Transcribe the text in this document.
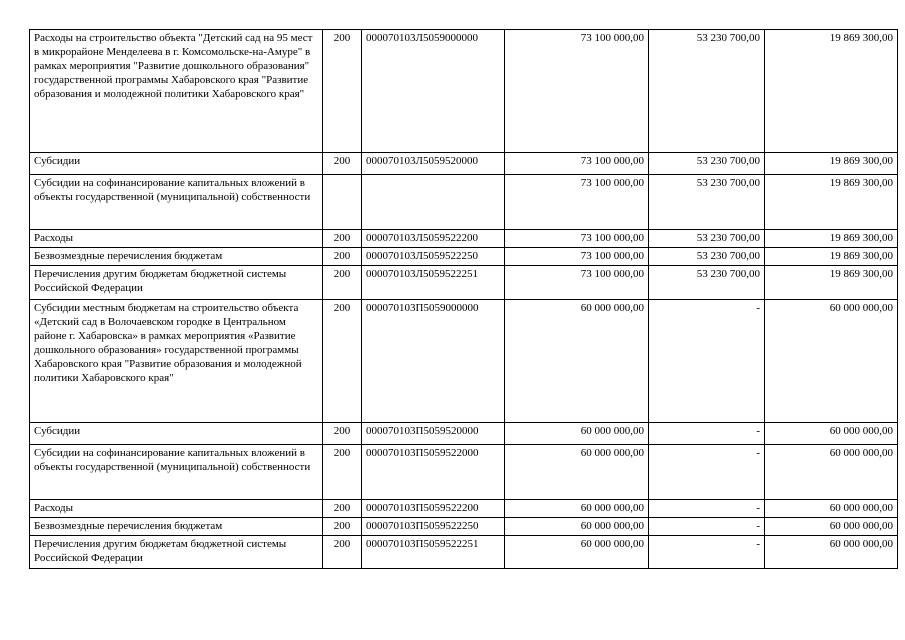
Расходы на строительство объекта "Детский сад на 95 мест в микрорайоне Менделеева в г. Комсомольске-на-Амуре" в рамках мероприятия "Развитие дошкольного образования" государственной программы Хабаровского края "Развитие образования и молодежной политики Хабаровского края"	200	000070103Л5059000000	73 100 000,00	53 230 700,00	19 869 300,00
Субсидии	200	000070103Л5059520000	73 100 000,00	53 230 700,00	19 869 300,00
Субсидии на софинансирование капитальных вложений в объекты государственной (муниципальной) собственности			73 100 000,00	53 230 700,00	19 869 300,00
Расходы	200	000070103Л5059522200	73 100 000,00	53 230 700,00	19 869 300,00
Безвозмездные перечисления бюджетам	200	000070103Л5059522250	73 100 000,00	53 230 700,00	19 869 300,00
Перечисления другим бюджетам бюджетной системы Российской Федерации	200	000070103Л5059522251	73 100 000,00	53 230 700,00	19 869 300,00
Субсидии местным бюджетам на строительство объекта «Детский сад в Волочаевском городке в Центральном районе г. Хабаровска» в рамках мероприятия «Развитие дошкольного образования» государственной программы Хабаровского края "Развитие образования и молодежной политики Хабаровского края"	200	000070103П5059000000	60 000 000,00	-	60 000 000,00
Субсидии	200	000070103П5059520000	60 000 000,00	-	60 000 000,00
Субсидии на софинансирование капитальных вложений в объекты государственной (муниципальной) собственности	200	000070103П5059522000	60 000 000,00	-	60 000 000,00
Расходы	200	000070103П5059522200	60 000 000,00	-	60 000 000,00
Безвозмездные перечисления бюджетам	200	000070103П5059522250	60 000 000,00	-	60 000 000,00
Перечисления другим бюджетам бюджетной системы Российской Федерации	200	000070103П5059522251	60 000 000,00	-	60 000 000,00
